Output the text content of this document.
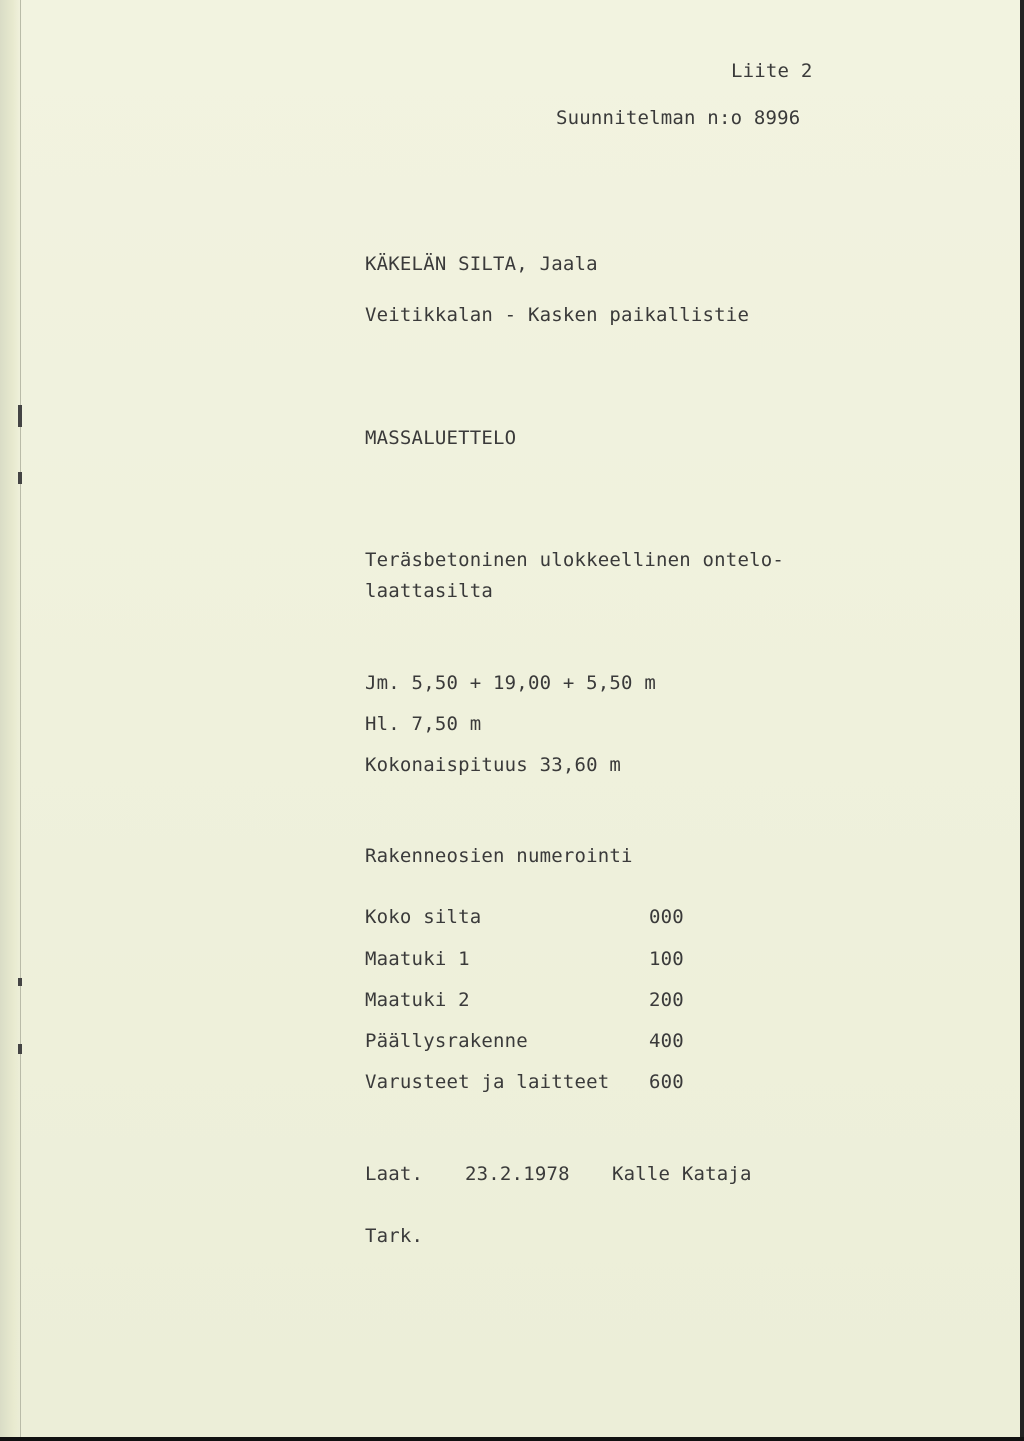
Liite 2
Suunnitelman n:o 8996
KÄKELÄN SILTA, Jaala
Veitikkalan - Kasken paikallistie
MASSALUETTELO
Teräsbetoninen ulokkeellinen ontelo-
laattasilta
Jm. 5,50 + 19,00 + 5,50 m
Hl. 7,50 m
Kokonaispituus 33,60 m
Rakenneosien numerointi
Koko silta	000
Maatuki 1	100
Maatuki 2	200
Päällysrakenne	400
Varusteet ja laitteet 600
Laat. 23.2.1978 Kalle Kataja
Tark.
